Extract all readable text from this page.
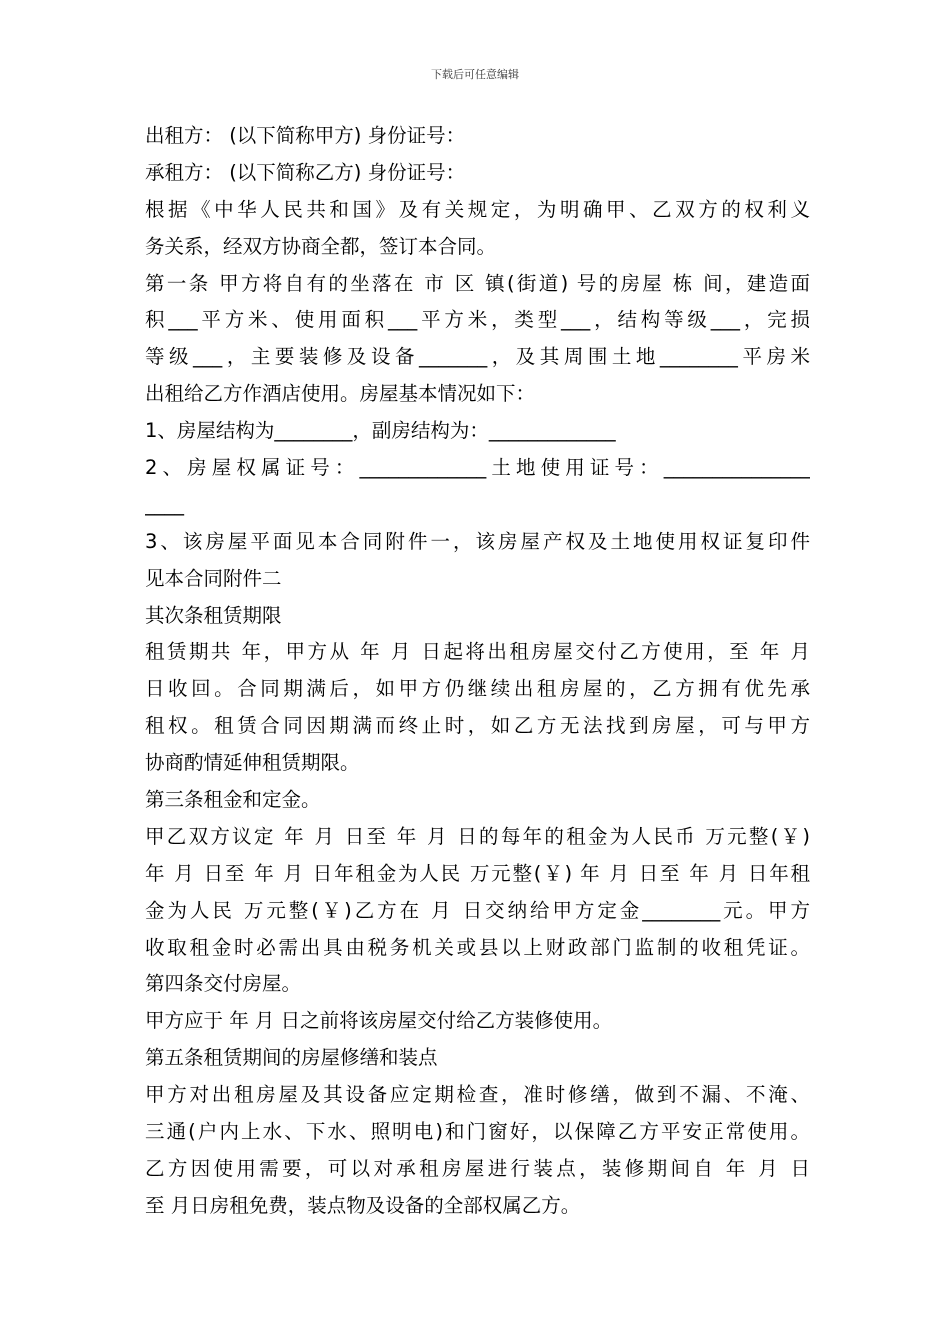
下载后可任意编辑
出租方： (以下简称甲方) 身份证号：
承租方： (以下简称乙方) 身份证号：
根据《中华人民共和国》及有关规定，为明确甲、乙双方的权利义
务关系，经双方协商全都，签订本合同。
第一条 甲方将自有的坐落在 市 区 镇(街道) 号的房屋 栋 间，建造面
积___平方米、使用面积___平方米，类型___，结构等级___，完损
等级___，主要装修及设备_______，及其周围土地________平房米
出租给乙方作酒店使用。房屋基本情况如下：
1、房屋结构为________，副房结构为：_____________
2、房屋权属证号：_____________土地使用证号：_______________
____
3、该房屋平面见本合同附件一，该房屋产权及土地使用权证复印件
见本合同附件二
其次条租赁期限
租赁期共 年，甲方从 年 月 日起将出租房屋交付乙方使用，至 年 月
日收回。合同期满后，如甲方仍继续出租房屋的，乙方拥有优先承
租权。租赁合同因期满而终止时，如乙方无法找到房屋，可与甲方
协商酌情延伸租赁期限。
第三条租金和定金。
甲乙双方议定 年 月 日至 年 月 日的每年的租金为人民币 万元整(￥)
年 月 日至 年 月 日年租金为人民 万元整(￥) 年 月 日至 年 月 日年租
金为人民 万元整(￥)乙方在 月 日交纳给甲方定金________元。甲方
收取租金时必需出具由税务机关或县以上财政部门监制的收租凭证。
第四条交付房屋。
甲方应于 年 月 日之前将该房屋交付给乙方装修使用。
第五条租赁期间的房屋修缮和装点
甲方对出租房屋及其设备应定期检查，准时修缮，做到不漏、不淹、
三通(户内上水、下水、照明电)和门窗好，以保障乙方平安正常使用。
乙方因使用需要，可以对承租房屋进行装点，装修期间自 年 月 日
至 月日房租免费，装点物及设备的全部权属乙方。
